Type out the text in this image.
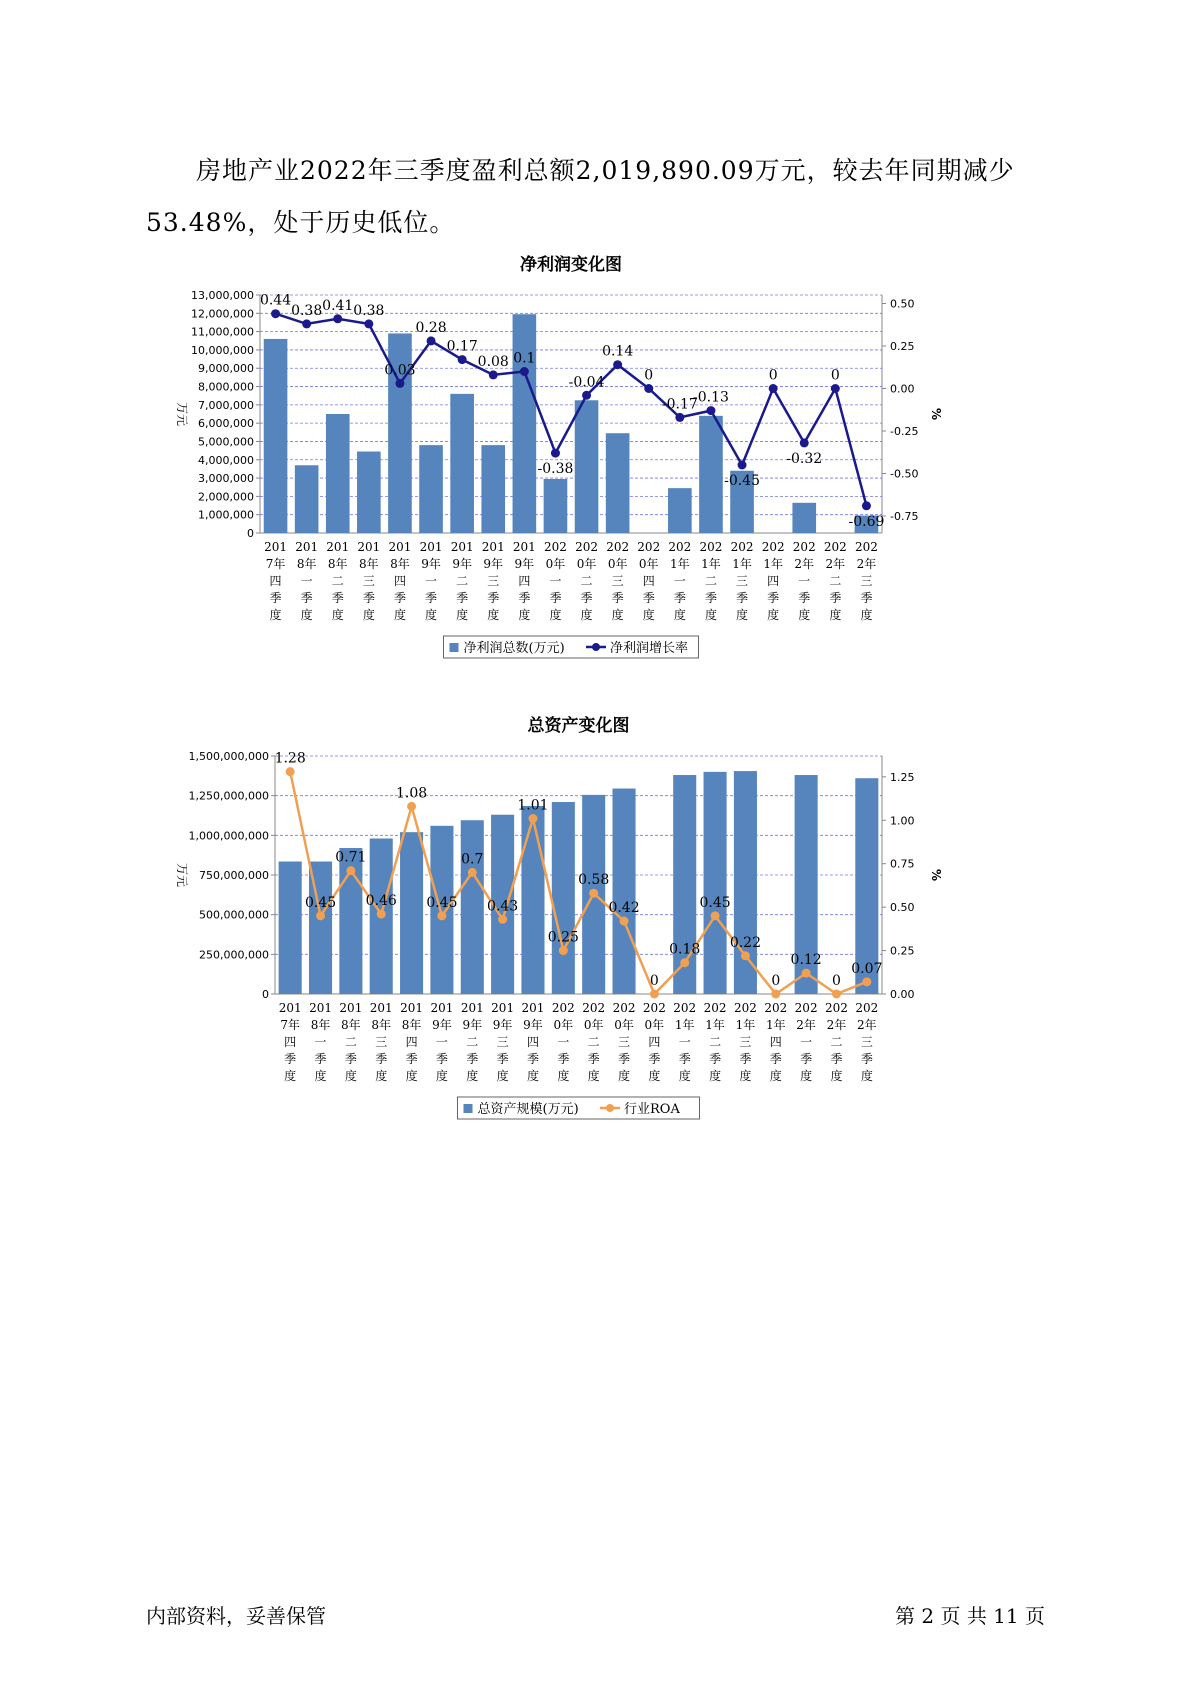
房地产业2022年三季度盈利总额2,019,890.09万元，较去年同期减少53.48%，处于历史低位。

净利润变化图
0
1,000,000
2,000,000
3,000,000
4,000,000
5,000,000
6,000,000
7,000,000
8,000,000
9,000,000
10,000,000
11,000,000
12,000,000
13,000,000
-0.75
-0.50
-0.25
0.00
0.25
0.50
万元	%
201
7年
四
季
度
201
8年
一
季
度
201
8年
二
季
度
201
8年
三
季
度
201
8年
四
季
度
201
9年
一
季
度
201
9年
二
季
度
201
9年
三
季
度
201
9年
四
季
度
202
0年
一
季
度
202
0年
二
季
度
202
0年
三
季
度
202
0年
四
季
度
202
1年
一
季
度
202
1年
二
季
度
202
1年
三
季
度
202
1年
四
季
度
202
2年
一
季
度
202
2年
二
季
度
202
2年
三
季
度
0.44
0.38 0.41 0.38
0.03
0.28
0.17
0.08 0.1
-0.38
-0.04
0.14
0
-0.17
-0.13
-0.45
0
-0.32
0
-0.69
净利润总数(万元)	净利润增长率
总资产变化图
0
250,000,000
500,000,000
750,000,000
1,000,000,000
1,250,000,000
1,500,000,000
0.00
0.25
0.50
0.75
1.00
1.25
万元	%
201
7年
四
季
度
201
8年
一
季
度
201
8年
二
季
度
201
8年
三
季
度
201
8年
四
季
度
201
9年
一
季
度
201
9年
二
季
度
201
9年
三
季
度
201
9年
四
季
度
202
0年
一
季
度
202
0年
二
季
度
202
0年
三
季
度
202
0年
四
季
度
202
1年
一
季
度
202
1年
二
季
度
202
1年
三
季
度
202
1年
四
季
度
202
2年
一
季
度
202
2年
二
季
度
202
2年
三
季
度
1.28
0.45
0.71
0.46
1.08
0.45
0.7
0.43
1.01
0.25
0.58
0.42
0
0.18
0.45
0.22
0
0.12
0
0.07
总资产规模(万元)	行业ROA
内部资料，妥善保管	第 2 页 共 11 页
